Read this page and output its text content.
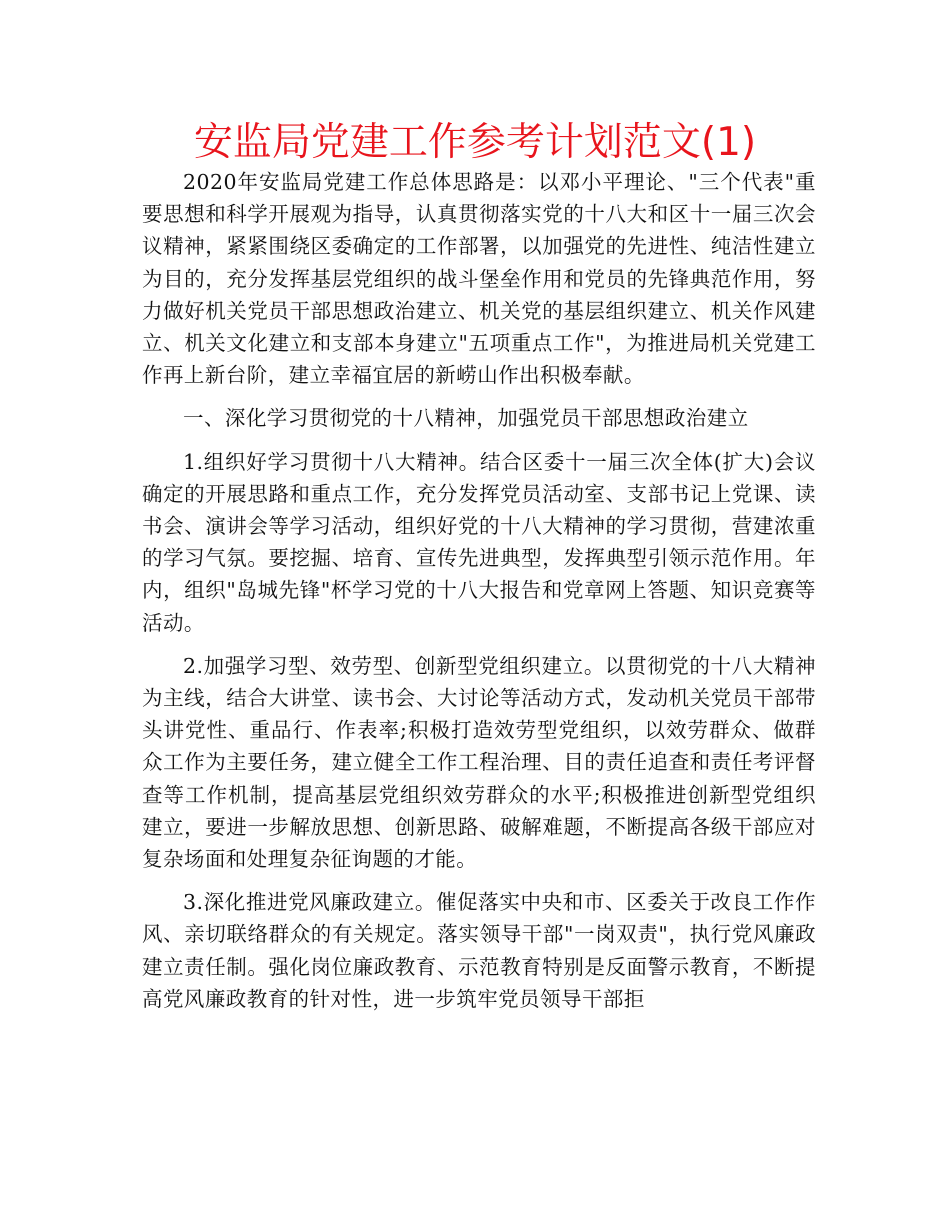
安监局党建工作参考计划范文(1)

2020年安监局党建工作总体思路是：以邓小平理论、"三个代表"重要思想和科学开展观为指导，认真贯彻落实党的十八大和区十一届三次会议精神，紧紧围绕区委确定的工作部署，以加强党的先进性、纯洁性建立为目的，充分发挥基层党组织的战斗堡垒作用和党员的先锋典范作用，努力做好机关党员干部思想政治建立、机关党的基层组织建立、机关作风建立、机关文化建立和支部本身建立"五项重点工作"，为推进局机关党建工作再上新台阶，建立幸福宜居的新崂山作出积极奉献。

一、深化学习贯彻党的十八精神，加强党员干部思想政治建立

1.组织好学习贯彻十八大精神。结合区委十一届三次全体(扩大)会议确定的开展思路和重点工作，充分发挥党员活动室、支部书记上党课、读书会、演讲会等学习活动，组织好党的十八大精神的学习贯彻，营建浓重的学习气氛。要挖掘、培育、宣传先进典型，发挥典型引领示范作用。年内，组织"岛城先锋"杯学习党的十八大报告和党章网上答题、知识竞赛等活动。

2.加强学习型、效劳型、创新型党组织建立。以贯彻党的十八大精神为主线，结合大讲堂、读书会、大讨论等活动方式，发动机关党员干部带头讲党性、重品行、作表率;积极打造效劳型党组织，以效劳群众、做群众工作为主要任务，建立健全工作工程治理、目的责任追查和责任考评督查等工作机制，提高基层党组织效劳群众的水平;积极推进创新型党组织建立，要进一步解放思想、创新思路、破解难题，不断提高各级干部应对复杂场面和处理复杂征询题的才能。

3.深化推进党风廉政建立。催促落实中央和市、区委关于改良工作作风、亲切联络群众的有关规定。落实领导干部"一岗双责"，执行党风廉政建立责任制。强化岗位廉政教育、示范教育特别是反面警示教育，不断提高党风廉政教育的针对性，进一步筑牢党员领导干部拒
